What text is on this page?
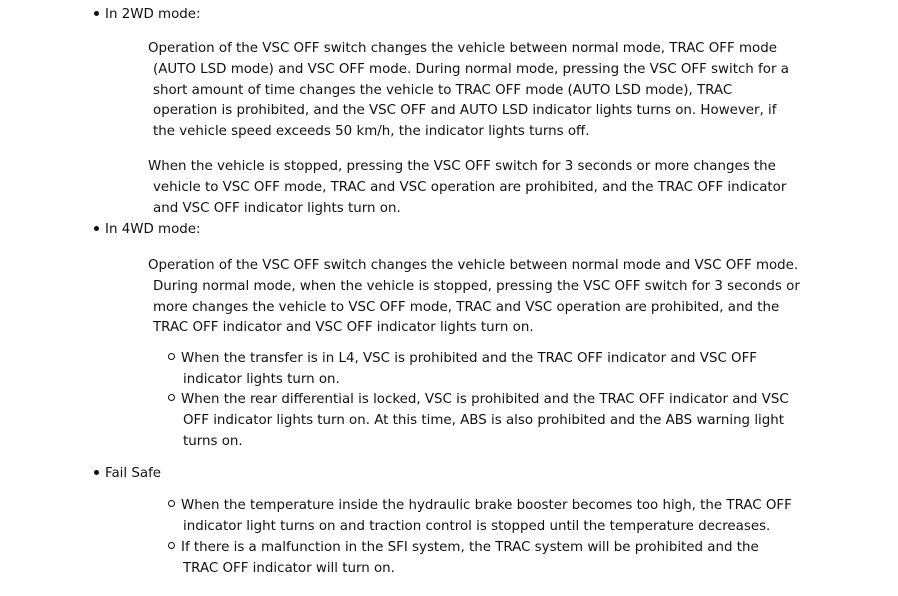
In 2WD mode:
Operation of the VSC OFF switch changes the vehicle between normal mode, TRAC OFF mode
(AUTO LSD mode) and VSC OFF mode. During normal mode, pressing the VSC OFF switch for a
short amount of time changes the vehicle to TRAC OFF mode (AUTO LSD mode), TRAC
operation is prohibited, and the VSC OFF and AUTO LSD indicator lights turns on. However, if
the vehicle speed exceeds 50 km/h, the indicator lights turns off.
When the vehicle is stopped, pressing the VSC OFF switch for 3 seconds or more changes the
vehicle to VSC OFF mode, TRAC and VSC operation are prohibited, and the TRAC OFF indicator
and VSC OFF indicator lights turn on.
In 4WD mode:
Operation of the VSC OFF switch changes the vehicle between normal mode and VSC OFF mode.
During normal mode, when the vehicle is stopped, pressing the VSC OFF switch for 3 seconds or
more changes the vehicle to VSC OFF mode, TRAC and VSC operation are prohibited, and the
TRAC OFF indicator and VSC OFF indicator lights turn on.
When the transfer is in L4, VSC is prohibited and the TRAC OFF indicator and VSC OFF
indicator lights turn on.
When the rear differential is locked, VSC is prohibited and the TRAC OFF indicator and VSC
OFF indicator lights turn on. At this time, ABS is also prohibited and the ABS warning light
turns on.
Fail Safe
When the temperature inside the hydraulic brake booster becomes too high, the TRAC OFF
indicator light turns on and traction control is stopped until the temperature decreases.
If there is a malfunction in the SFI system, the TRAC system will be prohibited and the
TRAC OFF indicator will turn on.
